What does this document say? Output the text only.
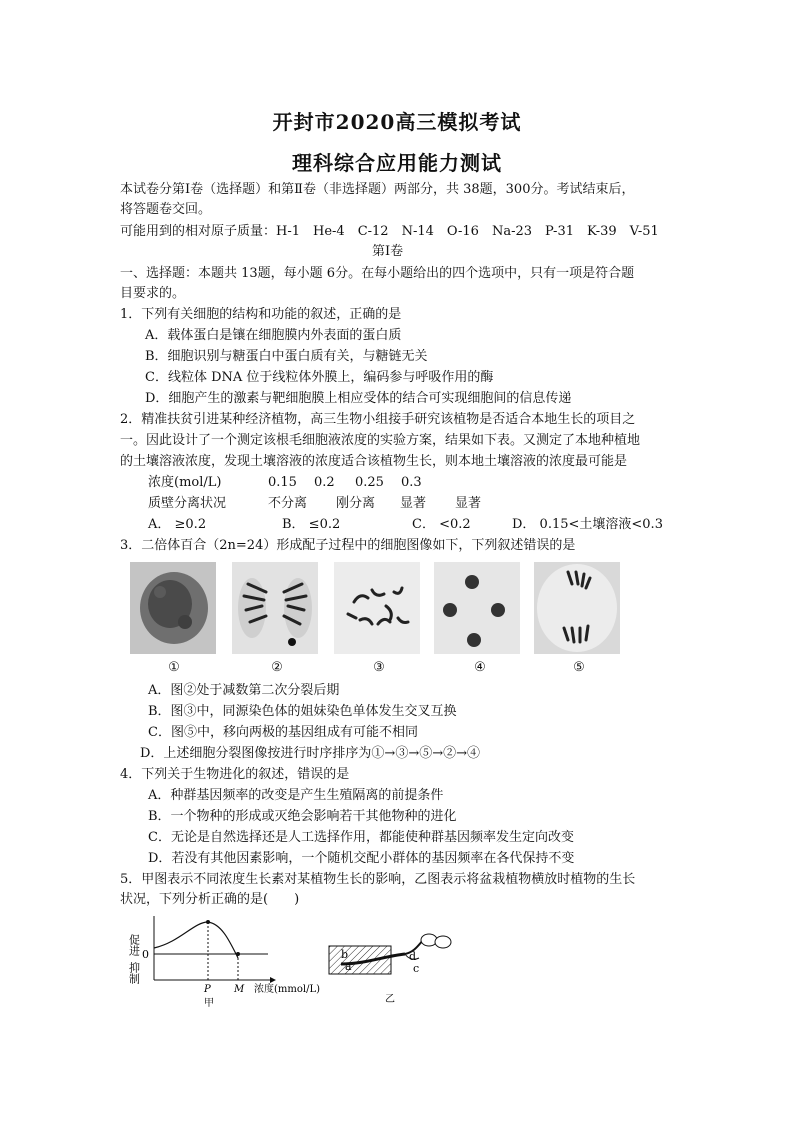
开封市2020高三模拟考试
理科综合应用能力测试
本试卷分第Ⅰ卷（选择题）和第Ⅱ卷（非选择题）两部分，共 38题，300分。考试结束后，
将答题卷交回。
可能用到的相对原子质量：H-1　He-4　C-12　N-14　O-16　Na-23　P-31　K-39　V-51
第Ⅰ卷
一、选择题：本题共 13题，每小题 6分。在每小题给出的四个选项中，只有一项是符合题
目要求的。
1．下列有关细胞的结构和功能的叙述，正确的是
A．载体蛋白是镶在细胞膜内外表面的蛋白质
B．细胞识别与糖蛋白中蛋白质有关，与糖链无关
C．线粒体 DNA 位于线粒体外膜上，编码参与呼吸作用的酶
D．细胞产生的激素与靶细胞膜上相应受体的结合可实现细胞间的信息传递
2．精准扶贫引进某种经济植物，高三生物小组接手研究该植物是否适合本地生长的项目之
一。因此设计了一个测定该根毛细胞液浓度的实验方案，结果如下表。又测定了本地种植地
的土壤溶液浓度，发现土壤溶液的浓度适合该植物生长，则本地土壤溶液的浓度最可能是
浓度(mol/L)	0.15 0.2 0.25 0.3
质壁分离状况	不分离 刚分离 显著 显著
A． ≥0.2	B． ≤0.2	C． <0.2	D． 0.15<土壤溶液<0.3
3．二倍体百合（2n=24）形成配子过程中的细胞图像如下，下列叙述错误的是
①	②	③	④	⑤
A．图②处于减数第二次分裂后期
B．图③中，同源染色体的姐妹染色单体发生交叉互换
C．图⑤中，移向两极的基因组成有可能不相同
D．上述细胞分裂图像按进行时序排序为①→③→⑤→②→④
4．下列关于生物进化的叙述，错误的是
A．种群基因频率的改变是产生生殖隔离的前提条件
B．一个物种的形成或灭绝会影响若干其他物种的进化
C．无论是自然选择还是人工选择作用，都能使种群基因频率发生定向改变
D．若没有其他因素影响，一个随机交配小群体的基因频率在各代保持不变
5．甲图表示不同浓度生长素对某植物生长的影响，乙图表示将盆栽植物横放时植物的生长
状况，下列分析正确的是(　　)
促进 0
抑制
P M 浓度(mmol/L)
甲
b
a
d
c
乙
